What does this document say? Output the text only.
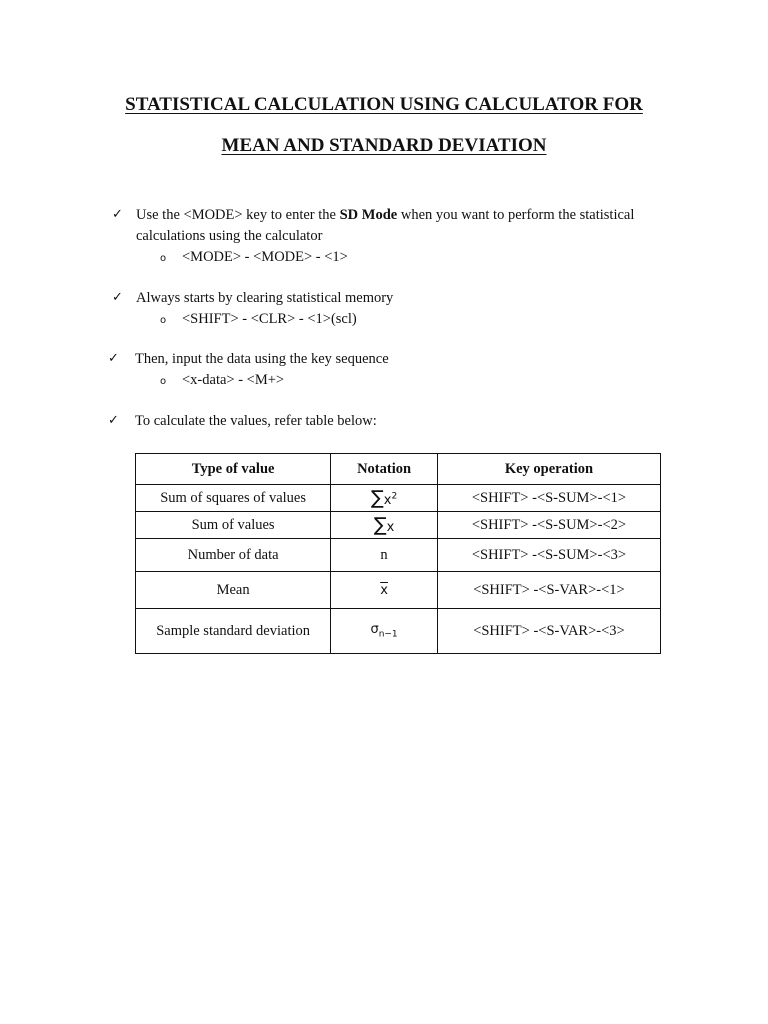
STATISTICAL CALCULATION USING CALCULATOR FOR
MEAN AND STANDARD DEVIATION
✓ Use the <MODE> key to enter the SD Mode when you want to perform the statistical calculations using the calculator
o <MODE> - <MODE> - <1>
✓ Always starts by clearing statistical memory
o <SHIFT> - <CLR> - <1>(scl)
✓ Then, input the data using the key sequence
o <x-data> - <M+>
✓ To calculate the values, refer table below:
Type of value	Notation	Key operation
Sum of squares of values	$\sum x^2$	<SHIFT> -<S-SUM>-<1>
Sum of values	∑x	<SHIFT> -<S-SUM>-<2>
Number of data	n	<SHIFT> -<S-SUM>-<3>
Mean	$\overline{x}$	<SHIFT> -<S-VAR>-<1>
Sample standard deviation	$\sigma_{n-1}$	<SHIFT> -<S-VAR>-<3>
